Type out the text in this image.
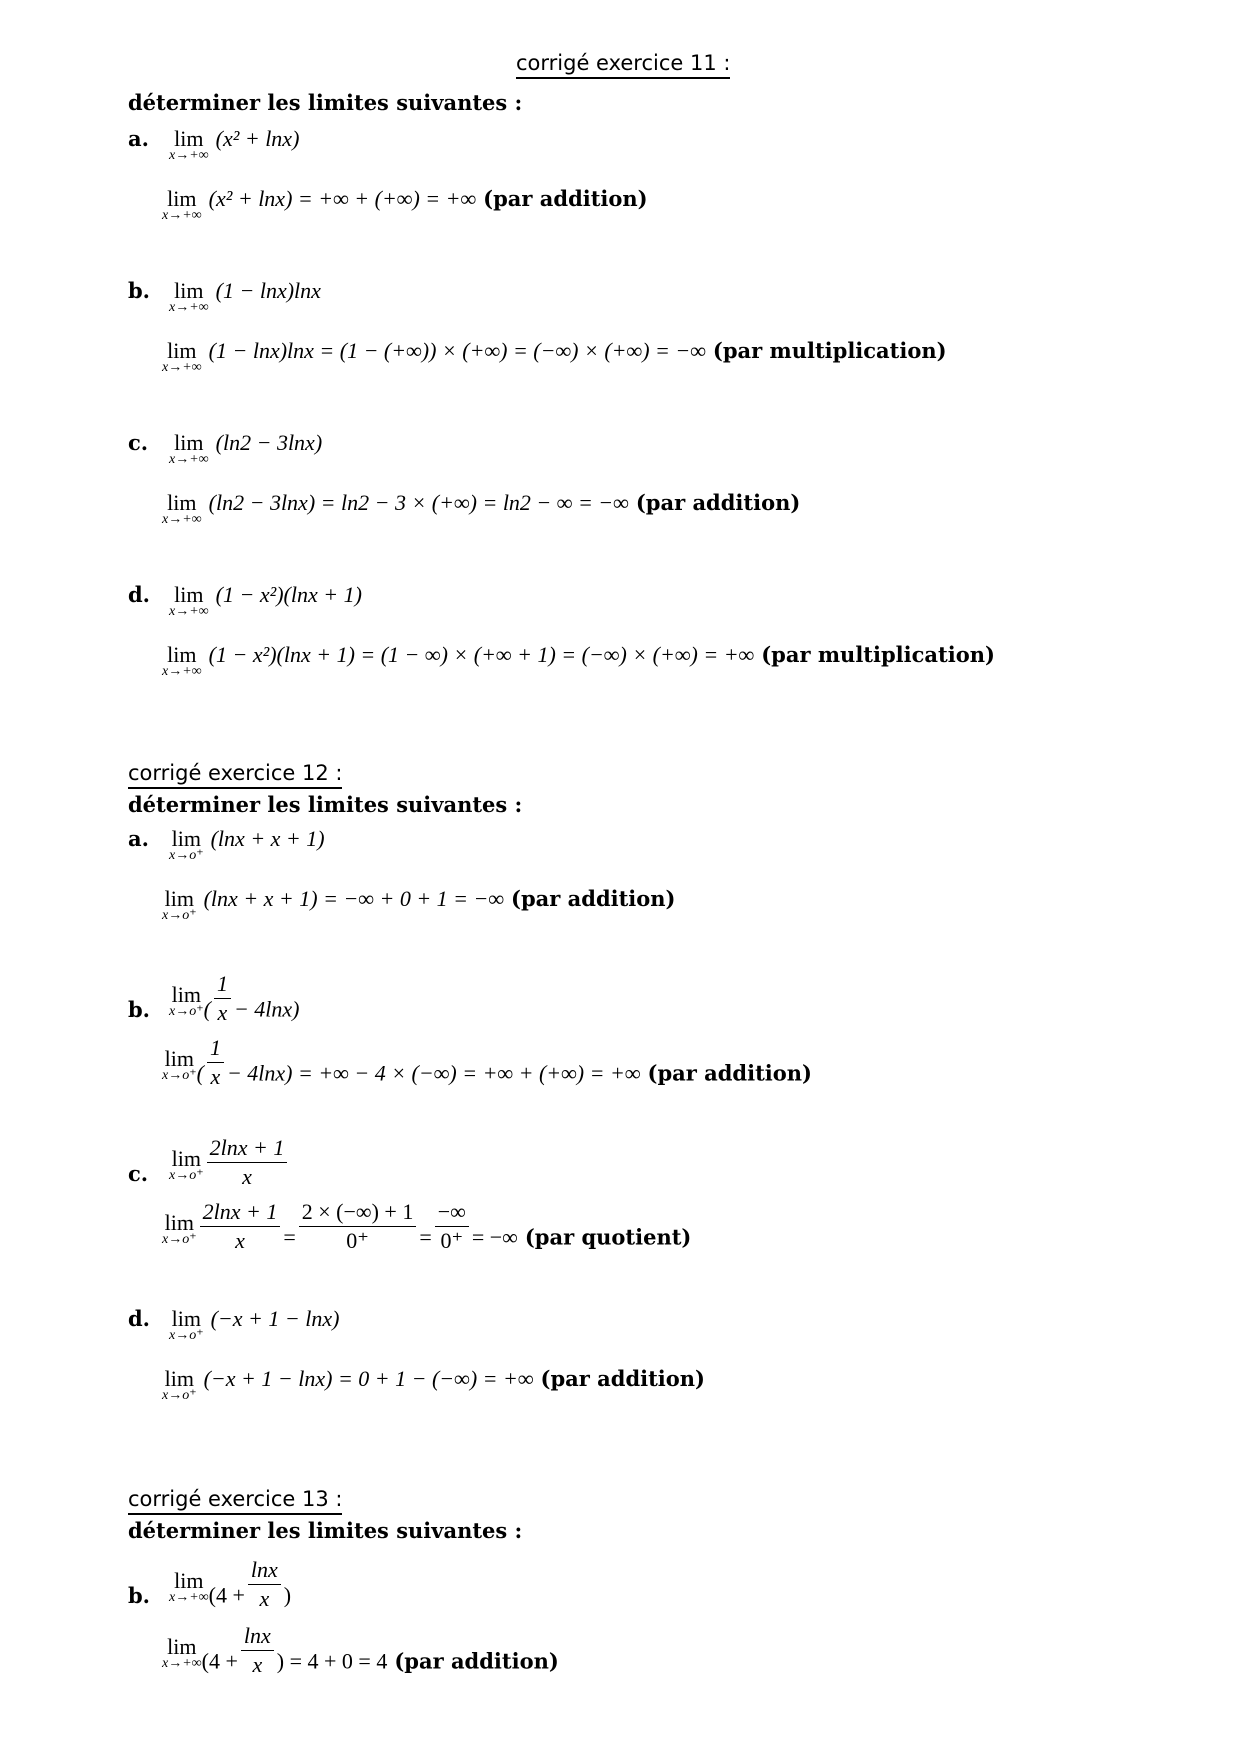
corrigé exercice 11 :
déterminer les limites suivantes :
a. lim
x→+∞
(x² + lnx)
lim
x→+∞
(x² + lnx) = +∞ + (+∞) = +∞ (par addition)
b. lim
x→+∞
(1 − lnx)lnx
lim
x→+∞
(1 − lnx)lnx = (1 − (+∞)) × (+∞) = (−∞) × (+∞) = −∞ (par multiplication)
c. lim
x→+∞
(ln2 − 3lnx)
lim
x→+∞
(ln2 − 3lnx) = ln2 − 3 × (+∞) = ln2 − ∞ = −∞ (par addition)
d. lim
x→+∞
(1 − x²)(lnx + 1)
lim
x→+∞
(1 − x²)(lnx + 1) = (1 − ∞) × (+∞ + 1) = (−∞) × (+∞) = +∞ (par multiplication)
corrigé exercice 12 :
déterminer les limites suivantes :
a. lim
x→o⁺
(lnx + x + 1)
lim
x→o⁺
(lnx + x + 1) = −∞ + 0 + 1 = −∞ (par addition)
b.
lim
x→o⁺ ( $\frac{1}{x} - 4\ln x$)
lim
x→o⁺ ( $\frac{1}{x} - 4\ln x$) = +∞ − 4 × (−∞) = +∞ + (+∞) = +∞ (par addition)
c.
lim
$x\to o^+ \frac{2\ln x + 1}{x}$
lim
$x\to o^+ \frac{2\ln x + 1}{x} = \frac{2 \times (-\infty) + 1}{0^+} = \frac{-\infty}{0^+}$ = −∞ (par quotient)
d. lim
x→o⁺
(−x + 1 − lnx)
lim
x→o⁺
(−x + 1 − lnx) = 0 + 1 − (−∞) = +∞ (par addition)
corrigé exercice 13 :
déterminer les limites suivantes :
b.
lim
x→+∞ ($4 + \frac{\ln x}{x}$ )
lim
x→+∞ ($4 + \frac{\ln x}{x}$ ) = 4 + 0 = 4 (par addition)
